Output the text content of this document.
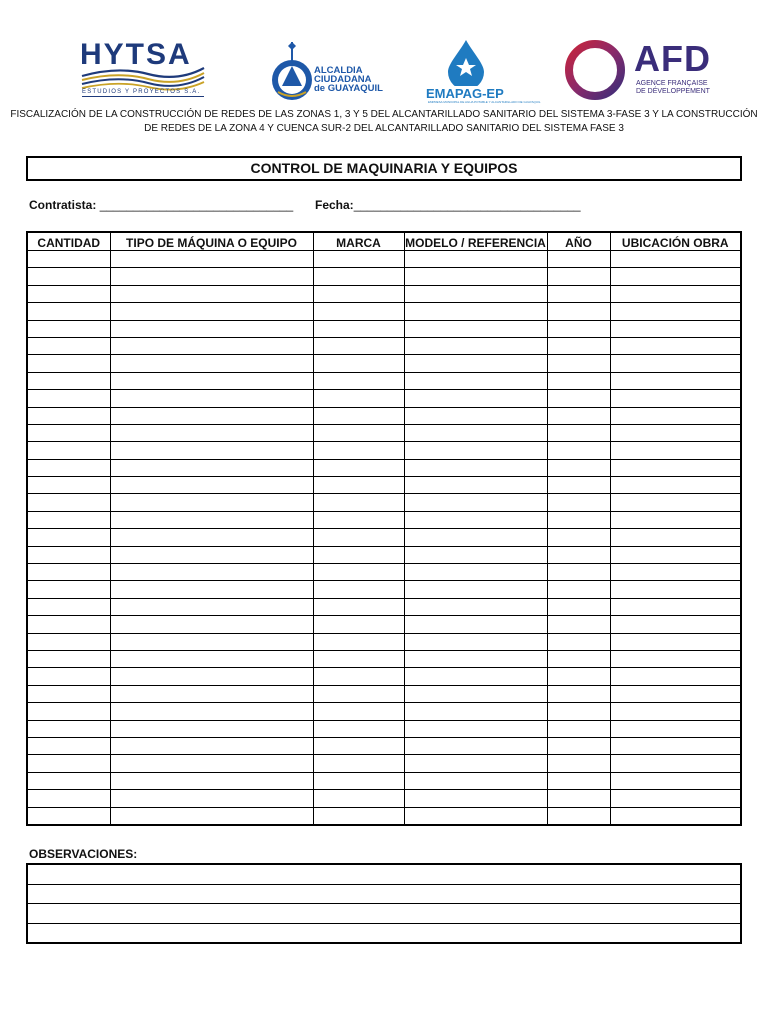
HYTSA
ESTUDIOS Y PROYECTOS S.A.
ALCALDIA
CIUDADANA
de GUAYAQUIL	EMAPAG-EP
EMPRESA MUNICIPAL DE AGUA POTABLE Y ALCANTARILLADO DE GUAYAQUIL
AFD
AGENCE FRANÇAISE
DE DÉVELOPPEMENT
FISCALIZACIÓN DE LA CONSTRUCCIÓN DE REDES DE LAS ZONAS 1, 3 Y 5 DEL ALCANTARILLADO SANITARIO DEL SISTEMA 3-FASE 3 Y LA CONSTRUCCIÓN
DE REDES DE LA ZONA 4 Y CUENCA SUR-2 DEL ALCANTARILLADO SANITARIO DEL SISTEMA FASE 3
CONTROL DE MAQUINARIA Y EQUIPOS
Contratista: _____________________________ Fecha:__________________________________
CANTIDAD	TIPO DE MÁQUINA O EQUIPO	MARCA	MODELO / REFERENCIA	AÑO	UBICACIÓN OBRA

OBSERVACIONES:
